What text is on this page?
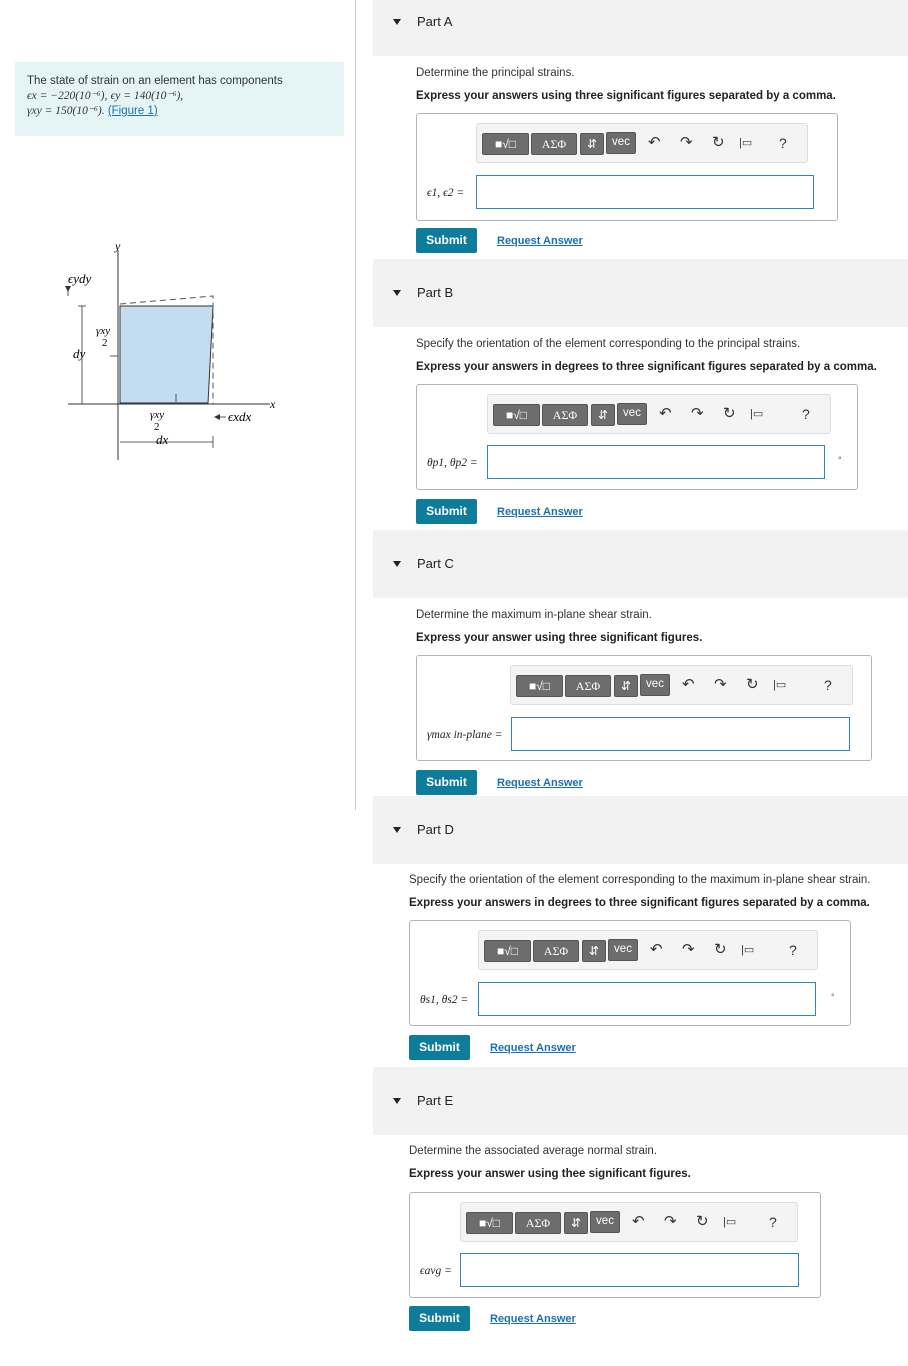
The state of strain on an element has components
ϵx = −220(10⁻⁶), ϵy = 140(10⁻⁶),
γxy = 150(10⁻⁶). (Figure 1)
y
x
ϵydy
dy
dx
ϵxdx
γxy
2
γxy
2
Part A
Determine the principal strains.
Express your answers using three significant figures separated by a comma.
■√□	ΑΣΦ	⇵	vec	↶ ↷ ↻ |▭ ?
ϵ1, ϵ2 =
Submit	Request Answer
Part B
Specify the orientation of the element corresponding to the principal strains.
Express your answers in degrees to three significant figures separated by a comma.
■√□	ΑΣΦ	⇵	vec	↶ ↷ ↻ |▭	?
θp1, θp2 =	°
Submit	Request Answer
Part C
Determine the maximum in-plane shear strain.
Express your answer using three significant figures.
■√□	ΑΣΦ	⇵	vec	↶ ↷ ↻ |▭	?
γmax in-plane =
Submit	Request Answer
Part D
Specify the orientation of the element corresponding to the maximum in-plane shear strain.
Express your answers in degrees to three significant figures separated by a comma.
■√□	ΑΣΦ	⇵	vec	↶ ↷ ↻ |▭ ?
θs1, θs2 =	°
Submit	Request Answer
Part E
Determine the associated average normal strain.
Express your answer using thee significant figures.
■√□	ΑΣΦ	⇵	vec	↶ ↷ ↻ |▭ ?
ϵavg =
Submit	Request Answer
